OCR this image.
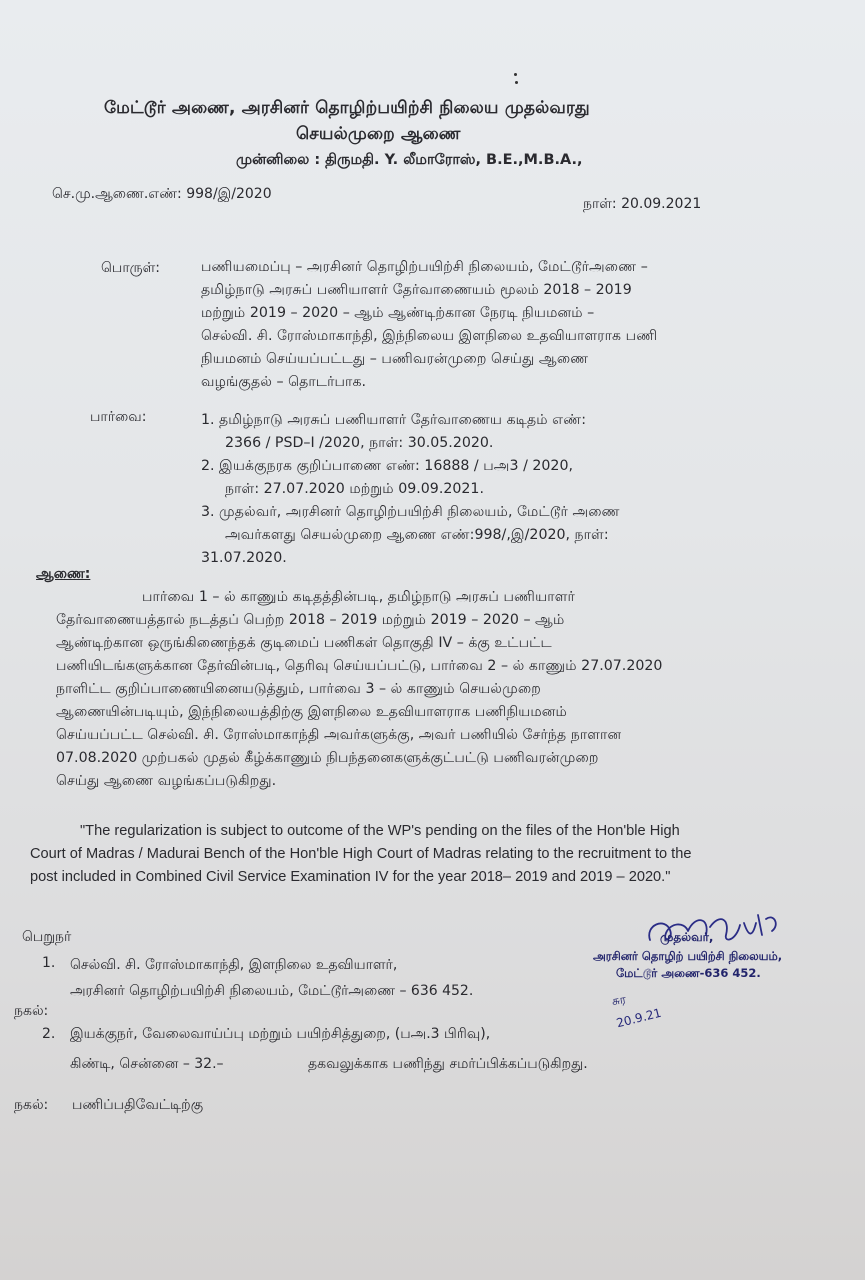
மேட்டூர் அணை, அரசினர் தொழிற்பயிற்சி நிலைய முதல்வரது
செயல்முறை ஆணை
முன்னிலை : திருமதி. Y. லீமாரோஸ், B.E.,M.B.A.,
செ.மு.ஆணை.எண்: 998/இ/2020
நாள்: 20.09.2021
பொருள்:	பணியமைப்பு – அரசினர் தொழிற்பயிற்சி நிலையம், மேட்டூர்அணை –
தமிழ்நாடு அரசுப் பணியாளர் தேர்வாணையம் மூலம் 2018 – 2019
மற்றும் 2019 – 2020 – ஆம் ஆண்டிற்கான நேரடி நியமனம் –
செல்வி. சி. ரோஸ்மாகாந்தி, இந்நிலைய இளநிலை உதவியாளராக பணி
நியமனம் செய்யப்பட்டது – பணிவரன்முறை செய்து ஆணை
வழங்குதல் – தொடர்பாக.
பார்வை:	1. தமிழ்நாடு அரசுப் பணியாளர் தேர்வாணைய கடிதம் எண்:
2366 / PSD–I /2020, நாள்: 30.05.2020.
2. இயக்குநரக குறிப்பாணை எண்: 16888 / பஅ3 / 2020,
நாள்: 27.07.2020 மற்றும் 09.09.2021.
3. முதல்வர், அரசினர் தொழிற்பயிற்சி நிலையம், மேட்டூர் அணை
அவர்களது செயல்முறை ஆணை எண்:998/,இ/2020, நாள்:
31.07.2020.
ஆணை:
பார்வை 1 – ல் காணும் கடிதத்தின்படி, தமிழ்நாடு அரசுப் பணியாளர்
தேர்வாணையத்தால் நடத்தப் பெற்ற 2018 – 2019 மற்றும் 2019 – 2020 – ஆம்
ஆண்டிற்கான ஒருங்கிணைந்தக் குடிமைப் பணிகள் தொகுதி IV – க்கு உட்பட்ட
பணியிடங்களுக்கான தேர்வின்படி, தெரிவு செய்யப்பட்டு, பார்வை 2 – ல் காணும் 27.07.2020
நாளிட்ட குறிப்பாணையினையடுத்தும், பார்வை 3 – ல் காணும் செயல்முறை
ஆணையின்படியும், இந்நிலையத்திற்கு இளநிலை உதவியாளராக பணிநியமனம்
செய்யப்பட்ட செல்வி. சி. ரோஸ்மாகாந்தி அவர்களுக்கு, அவர் பணியில் சேர்ந்த நாளான
07.08.2020 முற்பகல் முதல் கீழ்க்காணும் நிபந்தனைகளுக்குட்பட்டு பணிவரன்முறை
செய்து ஆணை வழங்கப்படுகிறது.
"The regularization is subject to outcome of the WP's pending on the files of the Hon'ble High
Court of Madras / Madurai Bench of the Hon'ble High Court of Madras relating to the recruitment to the
post included in Combined Civil Service Examination IV for the year 2018– 2019 and 2019 – 2020."
முதல்வர்,
அரசினர் தொழிற் பயிற்சி நிலையம்,
மேட்டூர் அணை-636 452.
சுர
20.9.21
பெறுநர்
1. செல்வி. சி. ரோஸ்மாகாந்தி, இளநிலை உதவியாளர்,
அரசினர் தொழிற்பயிற்சி நிலையம், மேட்டூர்அணை – 636 452.
நகல்:
2. இயக்குநர், வேலைவாய்ப்பு மற்றும் பயிற்சித்துறை, (பஅ.3 பிரிவு),
கிண்டி, சென்னை – 32.–	தகவலுக்காக பணிந்து சமர்ப்பிக்கப்படுகிறது.
நகல்: பணிப்பதிவேட்டிற்கு
